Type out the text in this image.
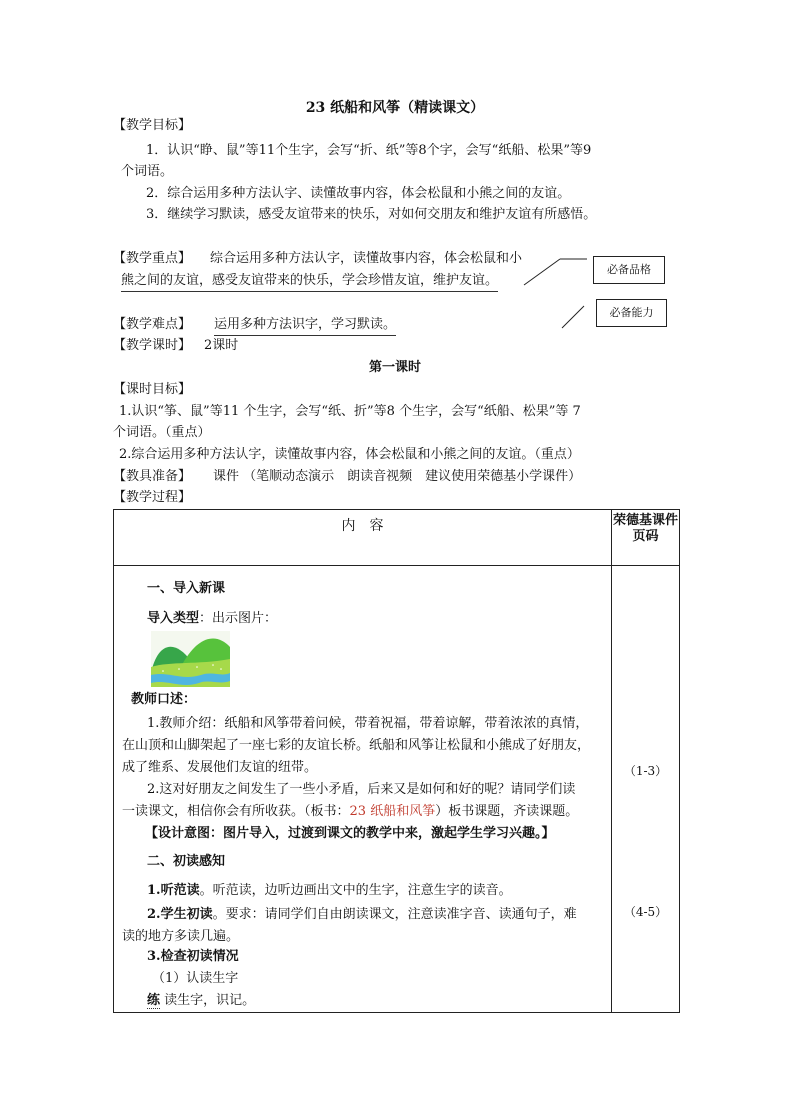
23 纸船和风筝（精读课文）
【教学目标】
1．认识“睁、鼠”等11个生字，会写“折、纸”等8个字，会写“纸船、松果”等9
个词语。
2．综合运用多种方法认字、读懂故事内容，体会松鼠和小熊之间的友谊。
3．继续学习默读，感受友谊带来的快乐，对如何交朋友和维护友谊有所感悟。
【教学重点】 综合运用多种方法认字，读懂故事内容，体会松鼠和小
熊之间的友谊，感受友谊带来的快乐，学会珍惜友谊，维护友谊。
必备品格
必备能力
【教学难点】 运用多种方法识字，学习默读。
【教学课时】 2课时
第一课时
【课时目标】
1.认识“筝、鼠”等11 个生字，会写“纸、折”等8 个生字，会写“纸船、松果”等 7
个词语。（重点）
2.综合运用多种方法认字，读懂故事内容，体会松鼠和小熊之间的友谊。（重点）
【教具准备】 课件 （笔顺动态演示　朗读音视频　建议使用荣德基小学课件）
【教学过程】
内　容	荣德基课件页码
一、导入新课
导入类型：出示图片：
教师口述：
1.教师介绍：纸船和风筝带着问候，带着祝福，带着谅解，带着浓浓的真情，
在山顶和山脚架起了一座七彩的友谊长桥。纸船和风筝让松鼠和小熊成了好朋友，
成了维系、发展他们友谊的纽带。
2.这对好朋友之间发生了一些小矛盾，后来又是如何和好的呢？请同学们读
一读课文，相信你会有所收获。（板书：23 纸船和风筝）板书课题，齐读课题。
【设计意图：图片导入，过渡到课文的教学中来，激起学生学习兴趣。】
（1-3）
二、初读感知
1.听范读。听范读，边听边画出文中的生字，注意生字的读音。
2.学生初读。要求：请同学们自由朗读课文，注意读准字音、读通句子，难
读的地方多读几遍。
（4-5）
3.检查初读情况
（1）认读生字
练 读生字，识记。
